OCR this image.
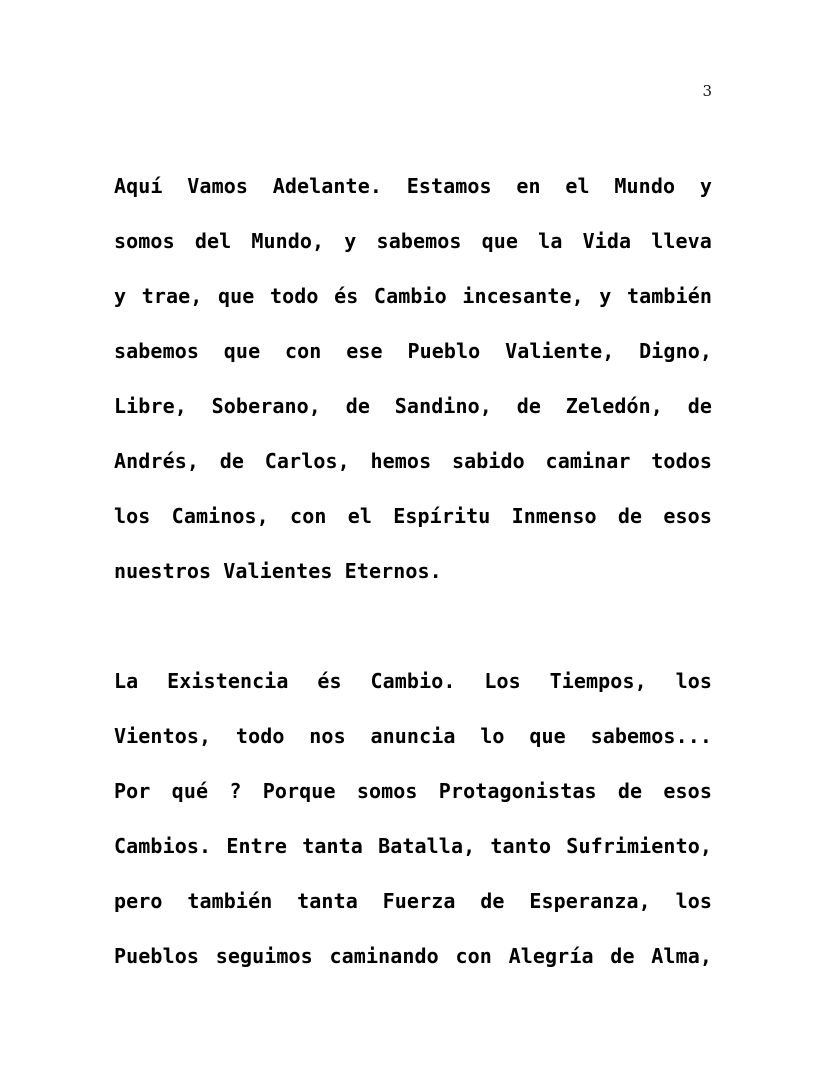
3
Aquí Vamos Adelante. Estamos en el Mundo y
somos del Mundo, y sabemos que la Vida lleva
y trae, que todo és Cambio incesante, y también
sabemos que con ese Pueblo Valiente, Digno,
Libre, Soberano, de Sandino, de Zeledón, de
Andrés, de Carlos, hemos sabido caminar todos
los Caminos, con el Espíritu Inmenso de esos
nuestros Valientes Eternos.
La Existencia és Cambio. Los Tiempos, los
Vientos, todo nos anuncia lo que sabemos...
Por qué ? Porque somos Protagonistas de esos
Cambios. Entre tanta Batalla, tanto Sufrimiento,
pero también tanta Fuerza de Esperanza, los
Pueblos seguimos caminando con Alegría de Alma,
